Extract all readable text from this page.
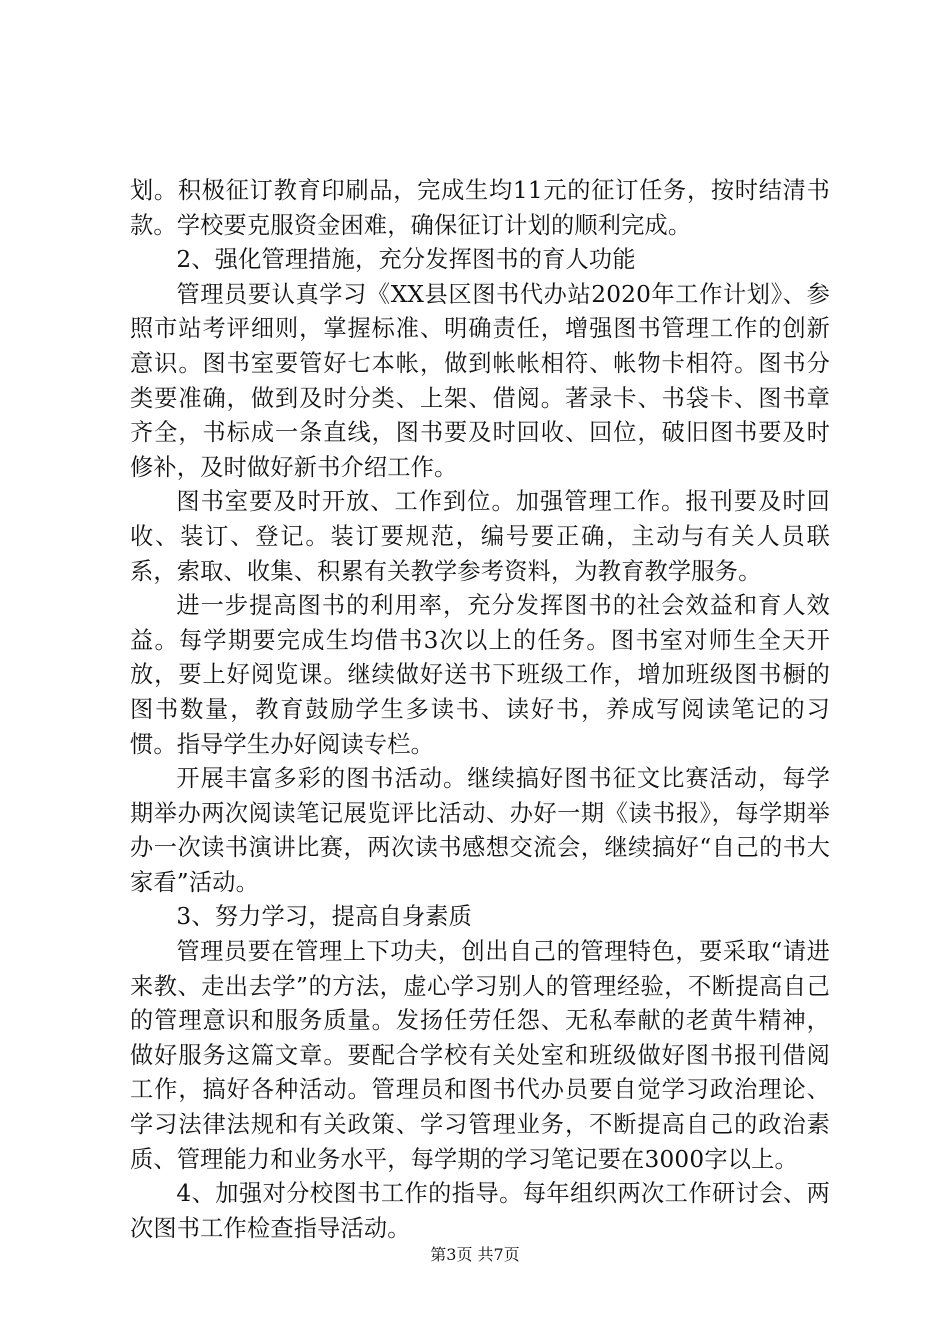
划。积极征订教育印刷品，完成生均11元的征订任务，按时结清书款。学校要克服资金困难，确保征订计划的顺利完成。

2、强化管理措施，充分发挥图书的育人功能

管理员要认真学习《XX县区图书代办站2020年工作计划》、参照市站考评细则，掌握标准、明确责任，增强图书管理工作的创新意识。图书室要管好七本帐，做到帐帐相符、帐物卡相符。图书分类要准确，做到及时分类、上架、借阅。著录卡、书袋卡、图书章齐全，书标成一条直线，图书要及时回收、回位，破旧图书要及时修补，及时做好新书介绍工作。

图书室要及时开放、工作到位。加强管理工作。报刊要及时回收、装订、登记。装订要规范，编号要正确，主动与有关人员联系，索取、收集、积累有关教学参考资料，为教育教学服务。

进一步提高图书的利用率，充分发挥图书的社会效益和育人效益。每学期要完成生均借书3次以上的任务。图书室对师生全天开放，要上好阅览课。继续做好送书下班级工作，增加班级图书橱的图书数量，教育鼓励学生多读书、读好书，养成写阅读笔记的习惯。指导学生办好阅读专栏。

开展丰富多彩的图书活动。继续搞好图书征文比赛活动，每学期举办两次阅读笔记展览评比活动、办好一期《读书报》，每学期举办一次读书演讲比赛，两次读书感想交流会，继续搞好“自己的书大家看”活动。

3、努力学习，提高自身素质

管理员要在管理上下功夫，创出自己的管理特色，要采取“请进来教、走出去学”的方法，虚心学习别人的管理经验，不断提高自己的管理意识和服务质量。发扬任劳任怨、无私奉献的老黄牛精神，做好服务这篇文章。要配合学校有关处室和班级做好图书报刊借阅工作，搞好各种活动。管理员和图书代办员要自觉学习政治理论、学习法律法规和有关政策、学习管理业务，不断提高自己的政治素质、管理能力和业务水平，每学期的学习笔记要在3000字以上。

4、加强对分校图书工作的指导。每年组织两次工作研讨会、两次图书工作检查指导活动。

第3页 共7页
